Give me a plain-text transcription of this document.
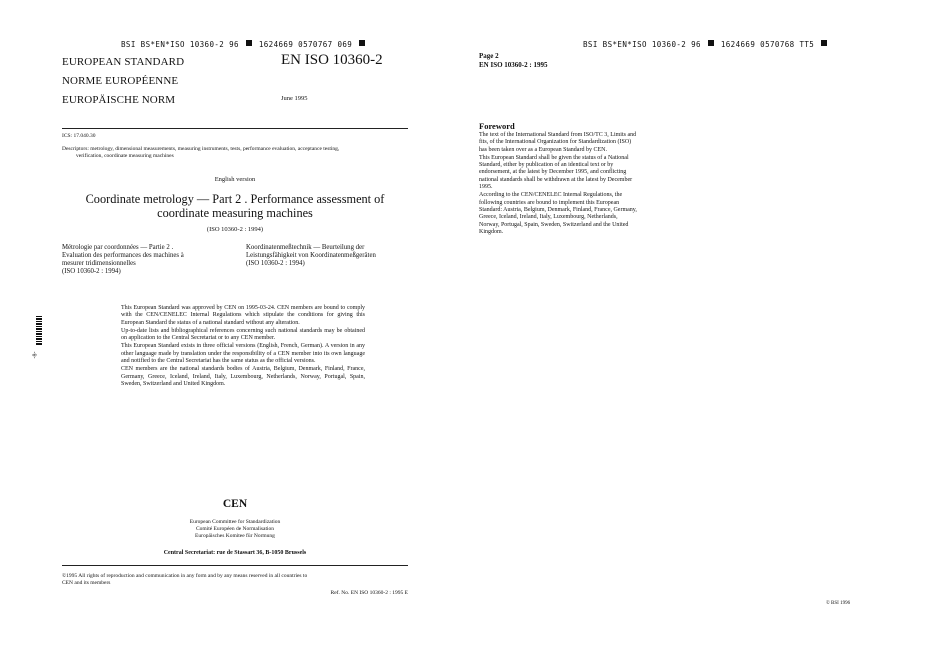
BSI BS*EN*ISO 10360-2 96	1624669 0570767 069
EUROPEAN STANDARD
NORME EUROPÉENNE
EUROPÄISCHE NORM
EN ISO 10360-2
June 1995
ICS: 17.040.30
Descriptors: metrology, dimensional measurements, measuring instruments, tests, performance evaluation, acceptance testing,
verification, coordinate measuring machines
English version
Coordinate metrology — Part 2 . Performance assessment of
coordinate measuring machines
(ISO 10360-2 : 1994)
Métrologie par coordonnées — Partie 2 .
Evaluation des performances des machines à
mesurer tridimensionnelles
(ISO 10360-2 : 1994)
Koordinatenmeßtechnik — Beurteilung der
Leistungsfähigkeit von Koordinatenmeßgeräten
(ISO 10360-2 : 1994)
-8-

This European Standard was approved by CEN on 1995-03-24. CEN members are bound to comply with the CEN/CENELEC Internal Regulations which stipulate the conditions for giving this European Standard the status of a national standard without any alteration.

Up-to-date lists and bibliographical references concerning such national standards may be obtained on application to the Central Secretariat or to any CEN member.

This European Standard exists in three official versions (English, French, German). A version in any other language made by translation under the responsibility of a CEN member into its own language and notified to the Central Secretariat has the same status as the official versions.

CEN members are the national standards bodies of Austria, Belgium, Denmark, Finland, France, Germany, Greece, Iceland, Ireland, Italy, Luxembourg, Netherlands, Norway, Portugal, Spain, Sweden, Switzerland and United Kingdom.

CEN
European Committee for Standardization
Comité Européen de Normalisation
Europäisches Komitee für Normung
Central Secretariat: rue de Stassart 36, B-1050 Brussels
©1995 All rights of reproduction and communication in any form and by any means reserved in all countries to
CEN and its members
Ref. No. EN ISO 10360-2 : 1995 E
BSI BS*EN*ISO 10360-2 96	1624669 0570768 TT5
Page 2
EN ISO 10360-2 : 1995
Foreword

The text of the International Standard from ISO/TC 3, Limits and fits, of the International Organization for Standardization (ISO) has been taken over as a European Standard by CEN.

This European Standard shall be given the status of a National Standard, either by publication of an identical text or by endorsement, at the latest by December 1995, and conflicting national standards shall be withdrawn at the latest by December 1995.

According to the CEN/CENELEC Internal Regulations, the following countries are bound to implement this European Standard: Austria, Belgium, Denmark, Finland, France, Germany, Greece, Iceland, Ireland, Italy, Luxembourg, Netherlands, Norway, Portugal, Spain, Sweden, Switzerland and the United Kingdom.

© BSI 1996
